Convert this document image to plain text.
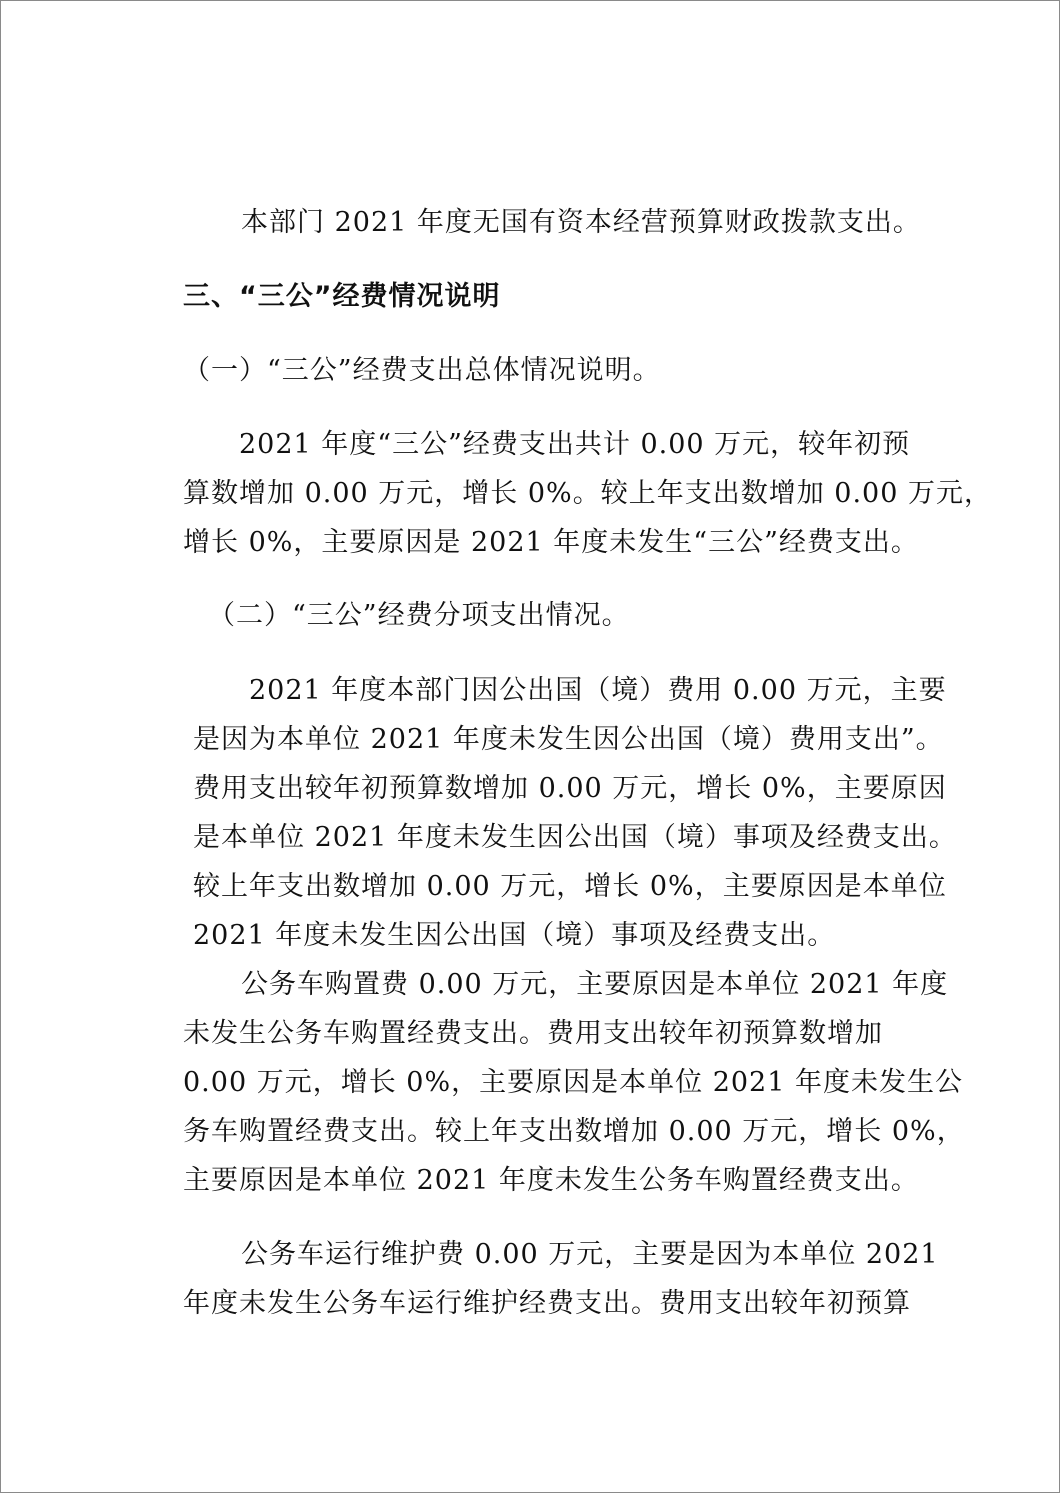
本部门 2021 年度无国有资本经营预算财政拨款支出。

三、“三公”经费情况说明

（一）“三公”经费支出总体情况说明。

2021 年度“三公”经费支出共计 0.00 万元，较年初预

算数增加 0.00 万元，增长 0%。较上年支出数增加 0.00 万元，

增长 0%，主要原因是 2021 年度未发生“三公”经费支出。

（二）“三公”经费分项支出情况。

2021 年度本部门因公出国（境）费用 0.00 万元，主要

是因为本单位 2021 年度未发生因公出国（境）费用支出”。

费用支出较年初预算数增加 0.00 万元，增长 0%，主要原因

是本单位 2021 年度未发生因公出国（境）事项及经费支出。

较上年支出数增加 0.00 万元，增长 0%，主要原因是本单位

2021 年度未发生因公出国（境）事项及经费支出。

公务车购置费 0.00 万元，主要原因是本单位 2021 年度

未发生公务车购置经费支出。费用支出较年初预算数增加

0.00 万元，增长 0%，主要原因是本单位 2021 年度未发生公

务车购置经费支出。较上年支出数增加 0.00 万元，增长 0%，

主要原因是本单位 2021 年度未发生公务车购置经费支出。

公务车运行维护费 0.00 万元，主要是因为本单位 2021

年度未发生公务车运行维护经费支出。费用支出较年初预算
